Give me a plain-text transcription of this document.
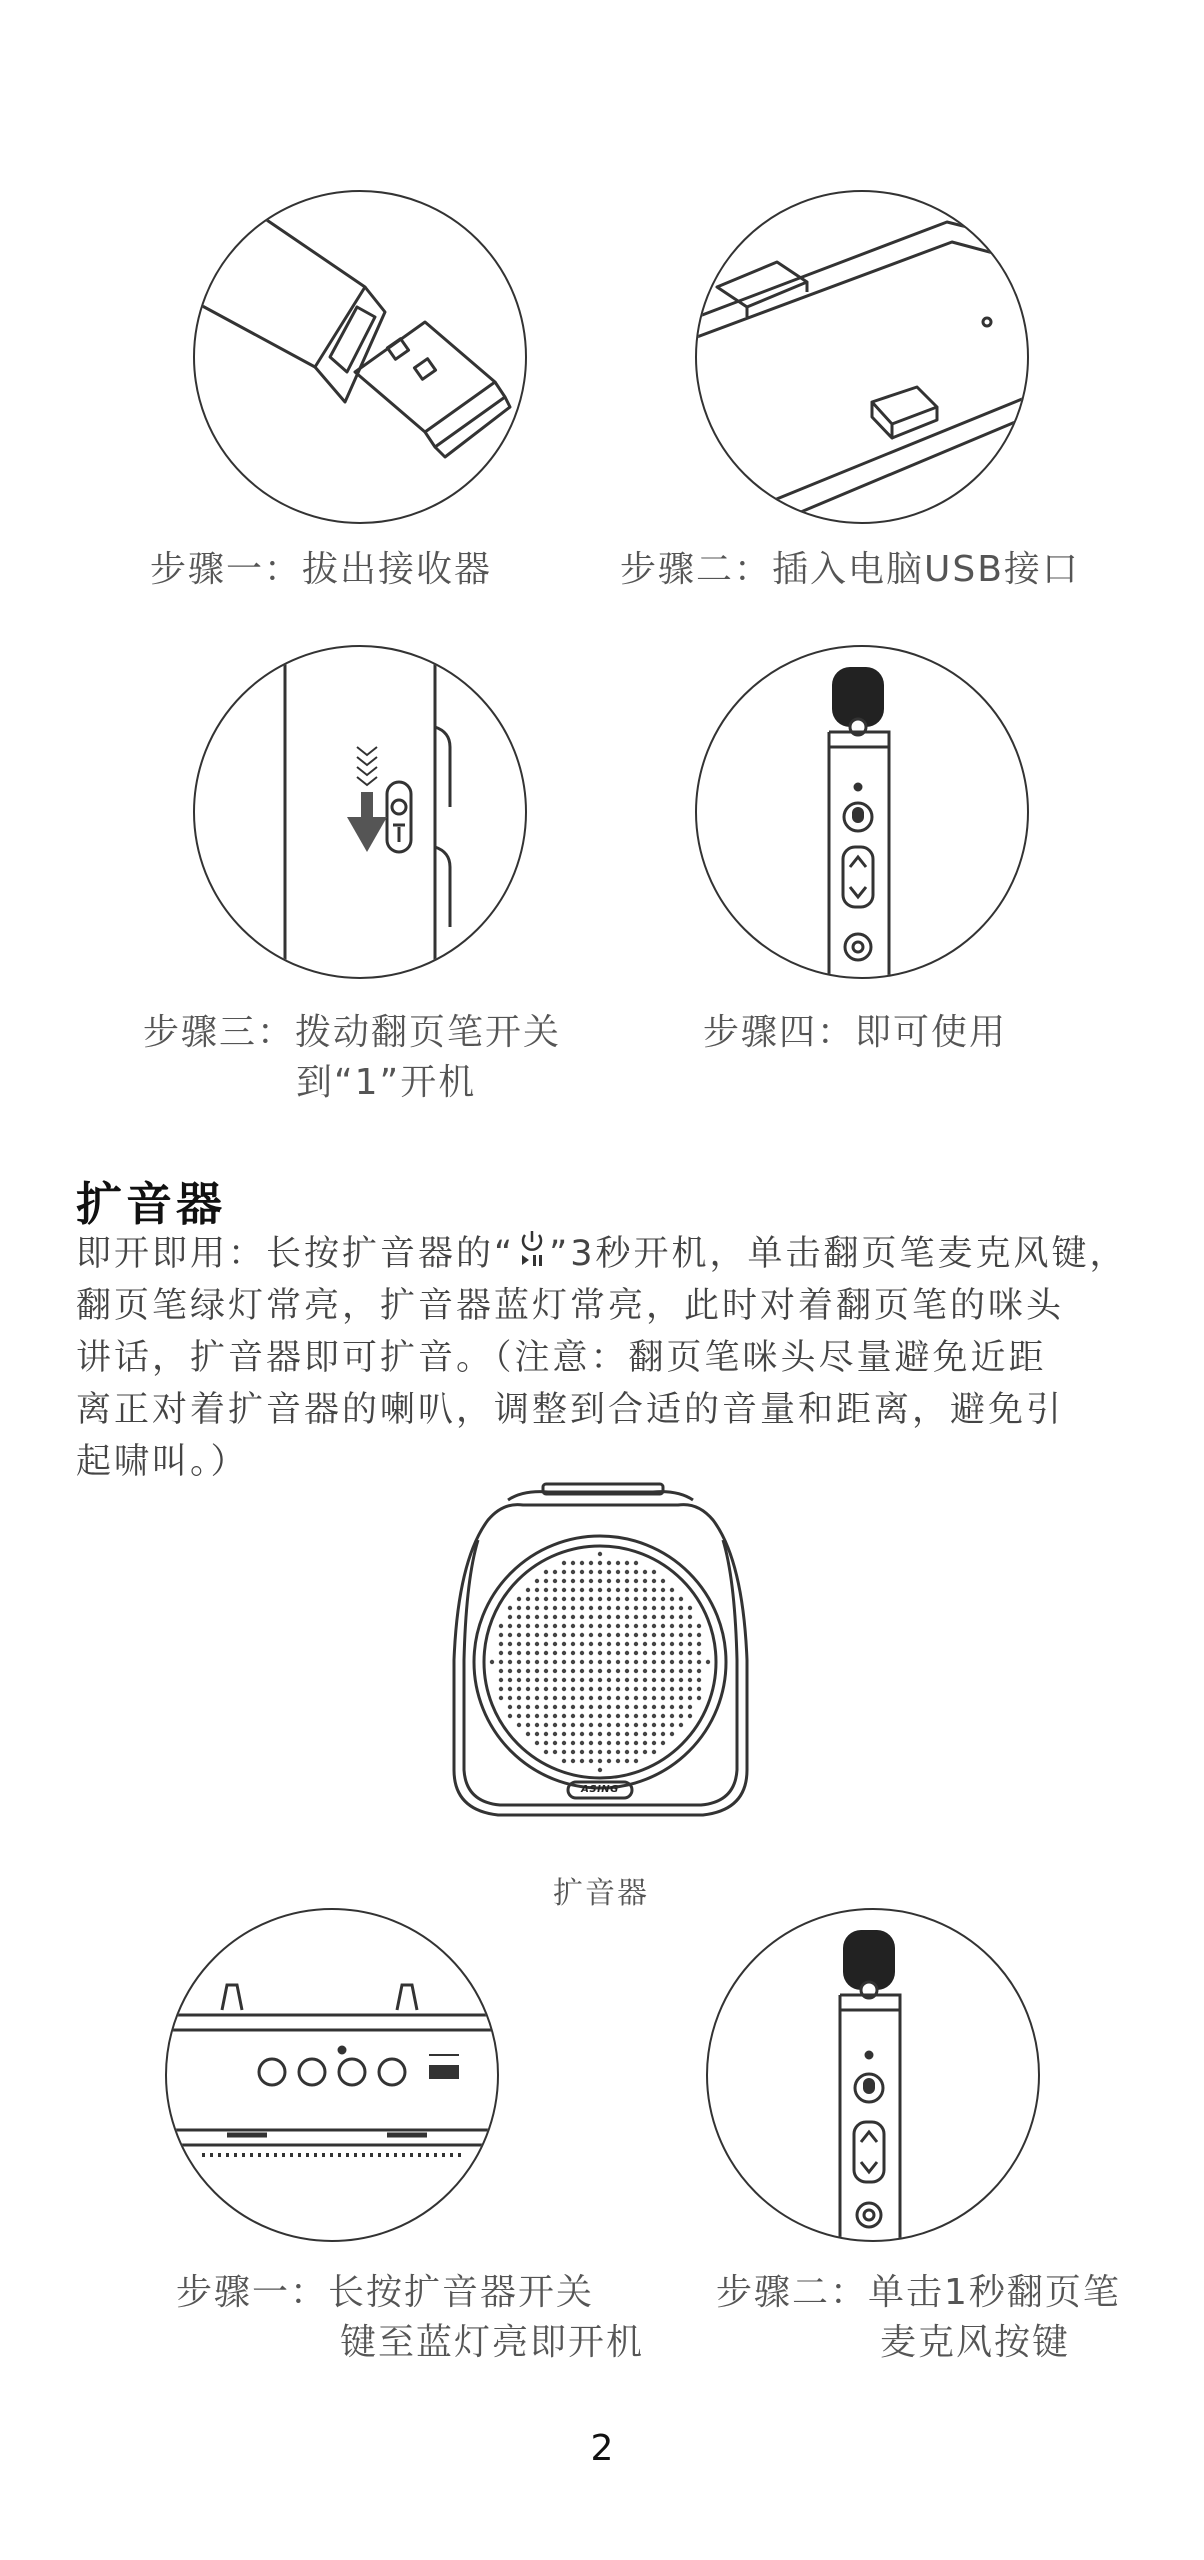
步骤一：拔出接收器	步骤二：插入电脑USB接口
步骤三：拨动翻页笔开关
到“1”开机
步骤四：即可使用
扩音器
即开即用：长按扩音器的“ ”3秒开机，单击翻页笔麦克风键，
翻页笔绿灯常亮，扩音器蓝灯常亮，此时对着翻页笔的咪头
讲话，扩音器即可扩音。（注意：翻页笔咪头尽量避免近距
离正对着扩音器的喇叭，调整到合适的音量和距离，避免引
起啸叫。）
ASING
扩音器
步骤一：长按扩音器开关
键至蓝灯亮即开机
步骤二：单击1秒翻页笔
麦克风按键
2
